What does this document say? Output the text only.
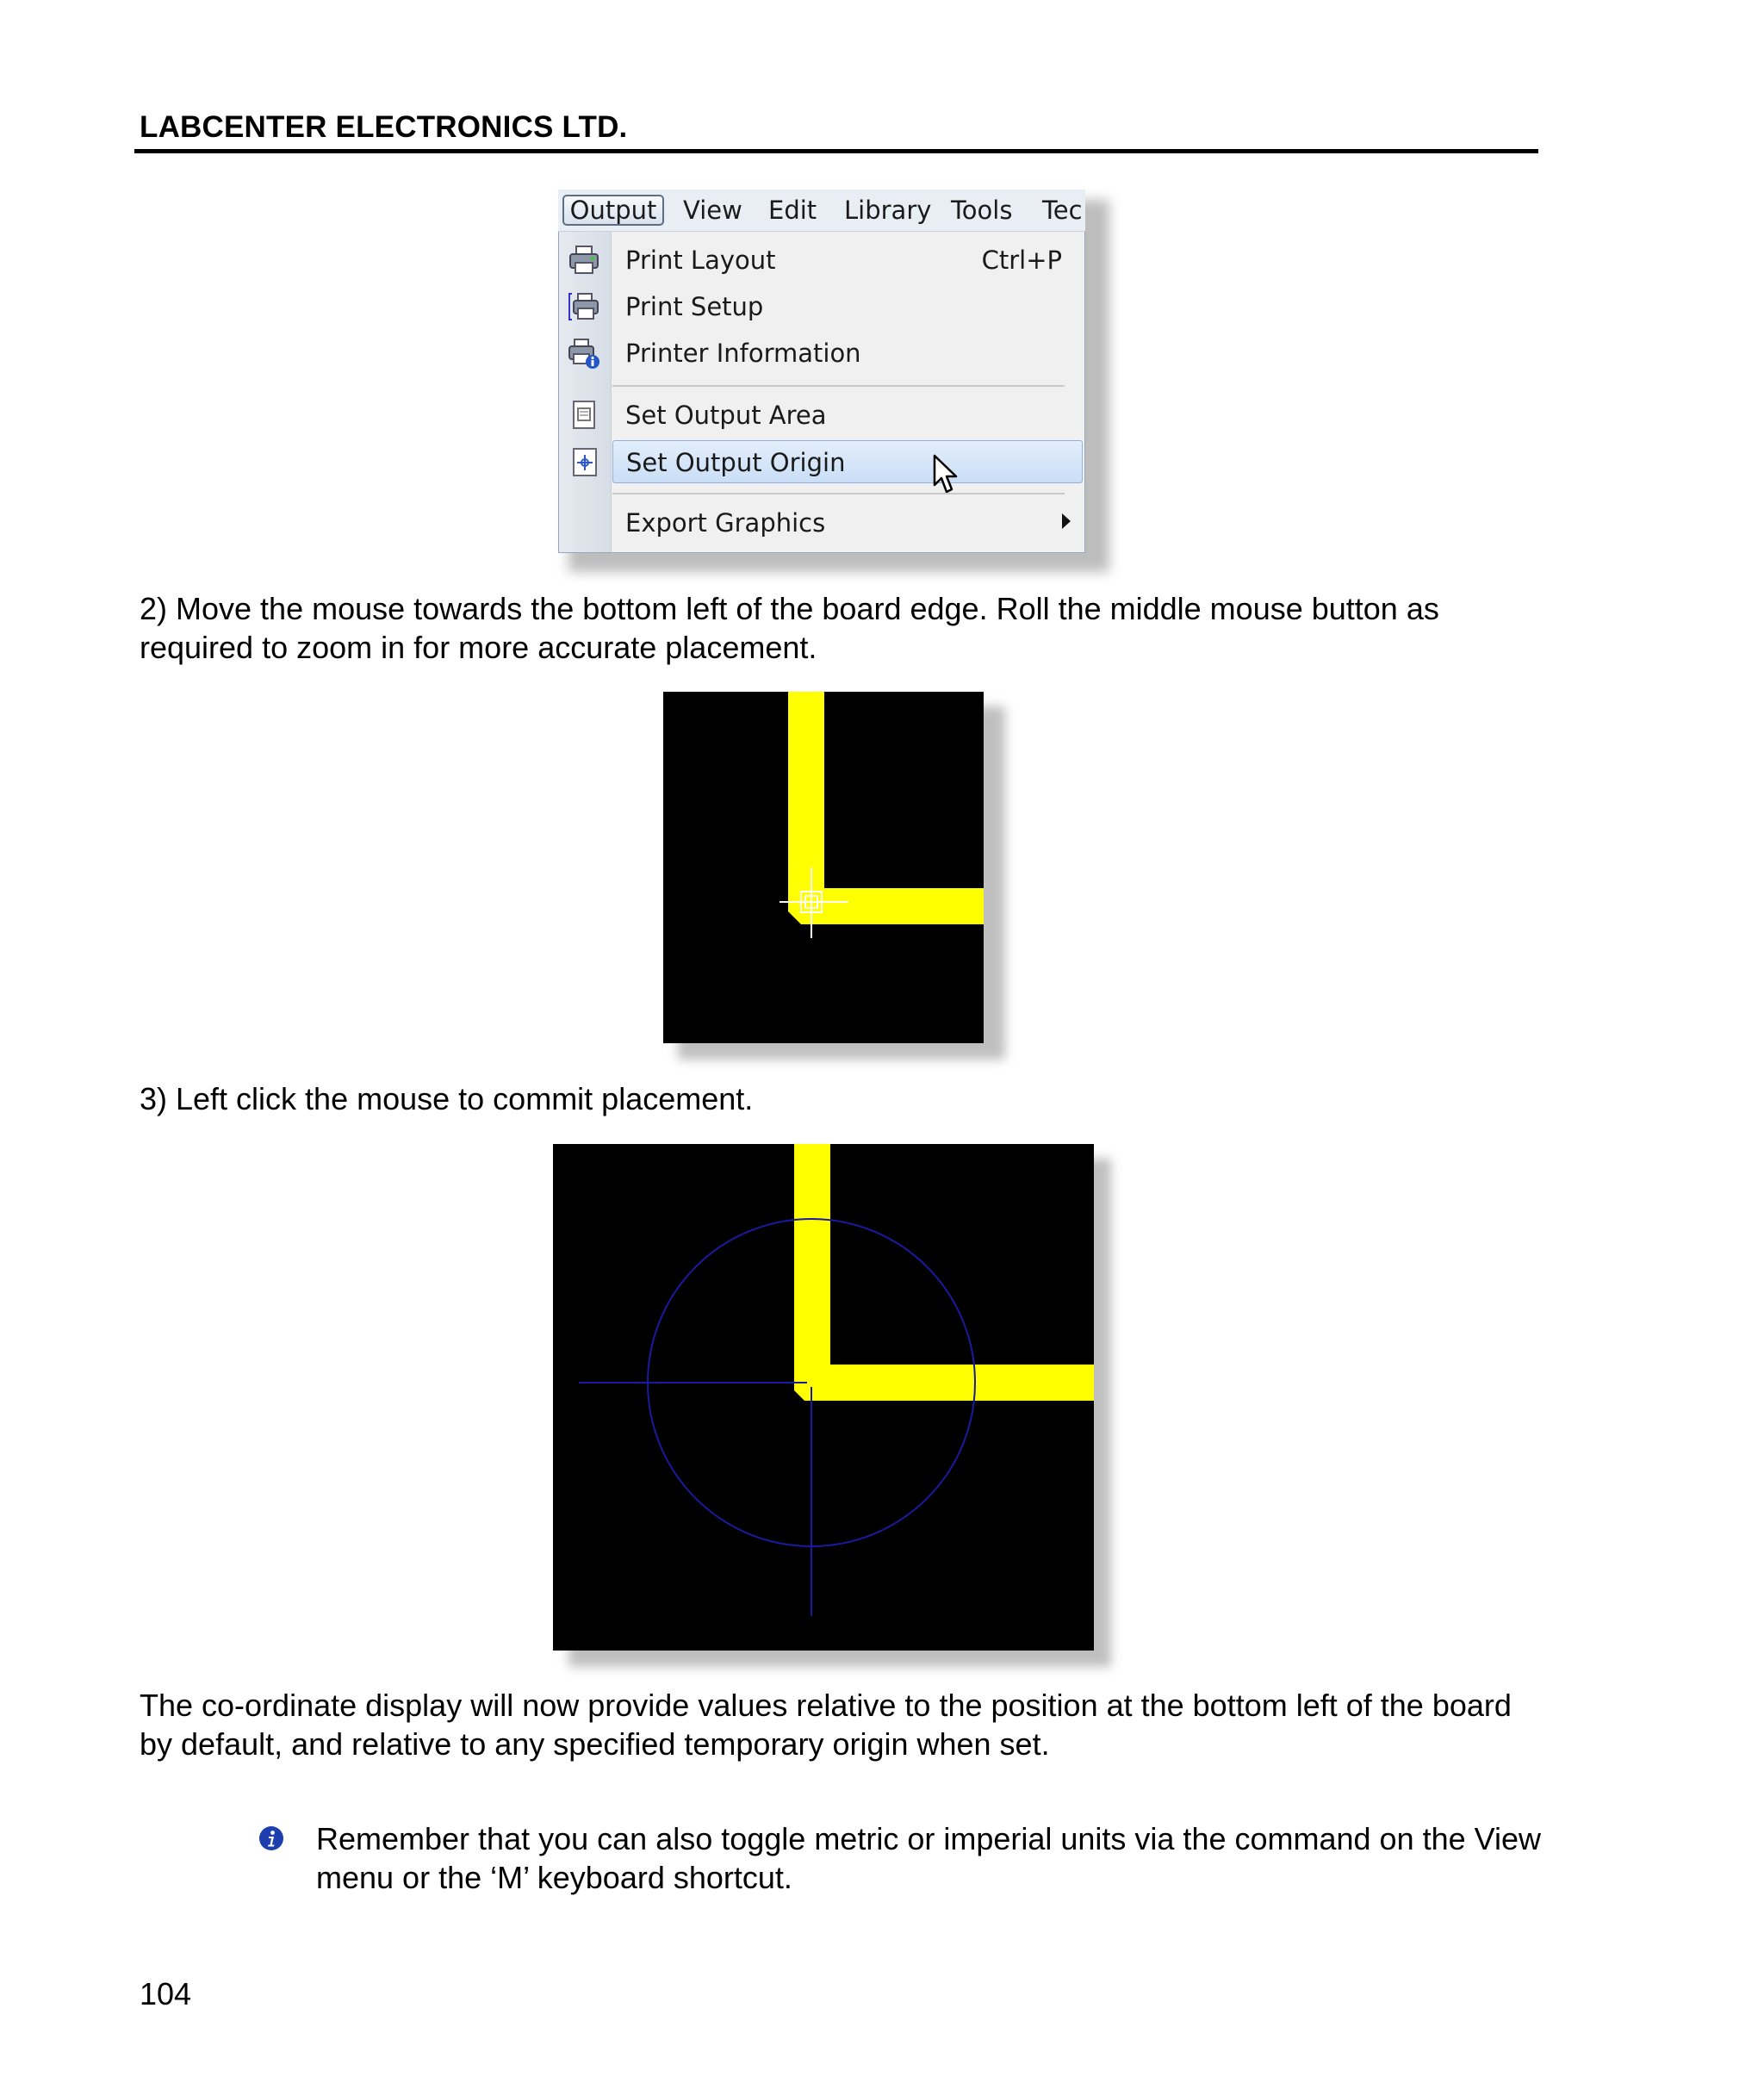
LABCENTER ELECTRONICS LTD.
Output View Edit Library Tools Tec
Print Layout	Ctrl+P
Print Setup
Printer Information
Set Output Area
Set Output Origin
Export Graphics
2) Move the mouse towards the bottom left of the board edge. Roll the middle mouse button as required to zoom in for more accurate placement.
3) Left click the mouse to commit placement.
The co-ordinate display will now provide values relative to the position at the bottom left of the board by default, and relative to any specified temporary origin when set.
Remember that you can also toggle metric or imperial units via the command on the View menu or the ‘M’ keyboard shortcut.
104
